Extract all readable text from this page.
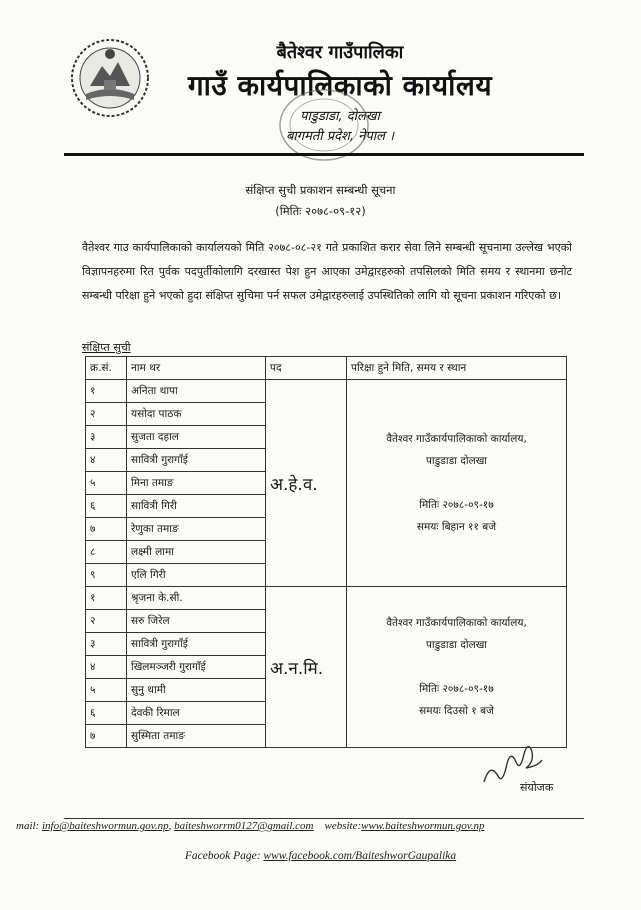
बैतेश्वर गाउँपालिका
गाउँ कार्यपालिकाको कार्यालय
पाडुडाडा, दोलखा
बागमती प्रदेश, नेपाल ।
संक्षिप्त सुची प्रकाशन सम्बन्धी सूचना
(मितिः २०७८-०९-१२)
वैतेश्वर गाउ कार्यपालिकाको कार्यालयको मिति २०७८-०८-२१ गते प्रकाशित करार सेवा लिने सम्बन्धी सूचनामा उल्लेख भएको विज्ञापनहरुमा रित पुर्वक पदपुर्तीकोलागि दरखास्त पेश हुन आएका उमेद्वारहरुको तपसिलको मिति समय र स्थानमा छनोट सम्बन्धी परिक्षा हुने भएको हुदा संक्षिप्त सुचिमा पर्न सफल उमेद्वारहरुलाई उपस्थितिको लागि यो सूचना प्रकाशन गरिएको छ।
संक्षिप्त सुची
क्र.सं.	नाम थर	पद	परिक्षा हुने मिति, समय र स्थान
१	अनिता थापा	अ.हे.व.	वैतेश्वर गाउँकार्यपालिकाको कार्यालय,
पाडुडाडा दोलखा
मितिः २०७८-०९-१७
समयः बिहान ११ बजे

२	यसोदा पाठक		
३	सुजता दहाल		
४	सावित्री गुरागाँई		
५	मिना तमाङ		
६	सावित्री गिरी		
७	रेणुका तमाङ		
८	लक्ष्मी लामा		
९	एलि गिरी		
१	श्रृजना के.सी.	अ.न.मि.	वैतेश्वर गाउँकार्यपालिकाको कार्यालय,
पाडुडाडा दोलखा
मितिः २०७८-०९-१७
समयः दिउसो १ बजे

२	सरु जिरेल		
३	सावित्री गुरागाँई		
४	खिलमञ्जरी गुरागाँई		
५	सुनु थामी		
६	देवकी रिमाल		
७	सुस्मिता तमाङ		
संयोजक
mail: info@baiteshwormun.gov.np, baiteshworrm0127@gmail.com website:www.baiteshwormun.gov.np
Facebook Page: www.facebook.com/BaiteshworGaupalika
